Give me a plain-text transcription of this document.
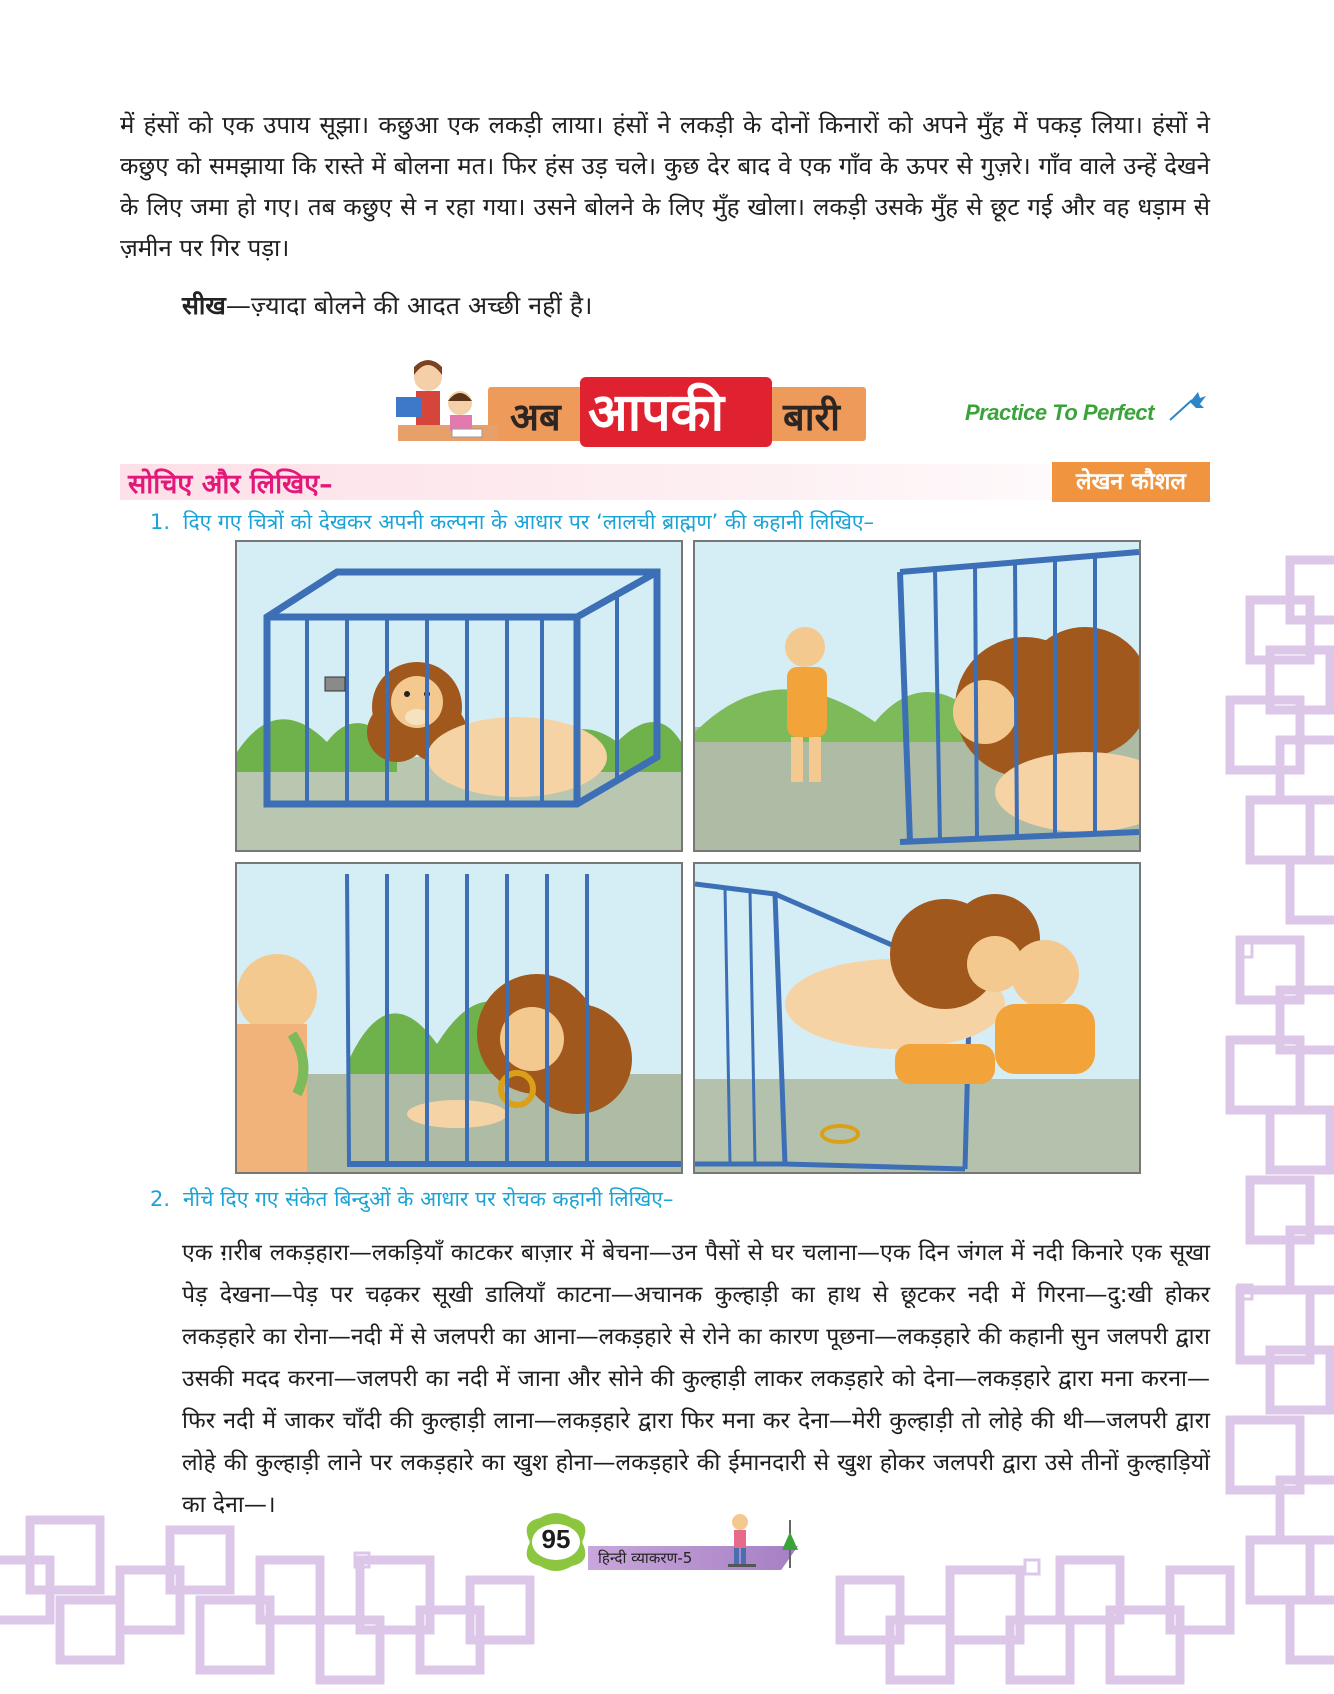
में हंसों को एक उपाय सूझा। कछुआ एक लकड़ी लाया। हंसों ने लकड़ी के दोनों किनारों को अपने मुँह में पकड़ लिया। हंसों ने कछुए को समझाया कि रास्ते में बोलना मत। फिर हंस उड़ चले। कुछ देर बाद वे एक गाँव के ऊपर से गुज़रे। गाँव वाले उन्हें देखने के लिए जमा हो गए। तब कछुए से न रहा गया। उसने बोलने के लिए मुँह खोला। लकड़ी उसके मुँह से छूट गई और वह धड़ाम से ज़मीन पर गिर पड़ा।

सीख—ज़्यादा बोलने की आदत अच्छी नहीं है।
अब आपकी बारी	Practice To Perfect
सोचिए और लिखिए–	लेखन कौशल
1. दिए गए चित्रों को देखकर अपनी कल्पना के आधार पर ‘लालची ब्राह्मण’ की कहानी लिखिए–
2. नीचे दिए गए संकेत बिन्दुओं के आधार पर रोचक कहानी लिखिए–

एक ग़रीब लकड़हारा—लकड़ियाँ काटकर बाज़ार में बेचना—उन पैसों से घर चलाना—एक दिन जंगल में नदी किनारे एक सूखा पेड़ देखना—पेड़ पर चढ़कर सूखी डालियाँ काटना—अचानक कुल्हाड़ी का हाथ से छूटकर नदी में गिरना—दु:खी होकर लकड़हारे का रोना—नदी में से जलपरी का आना—लकड़हारे से रोने का कारण पूछना—लकड़हारे की कहानी सुन जलपरी द्वारा उसकी मदद करना—जलपरी का नदी में जाना और सोने की कुल्हाड़ी लाकर लकड़हारे को देना—लकड़हारे द्वारा मना करना—फिर नदी में जाकर चाँदी की कुल्हाड़ी लाना—लकड़हारे द्वारा फिर मना कर देना—मेरी कुल्हाड़ी तो लोहे की थी—जलपरी द्वारा लोहे की कुल्हाड़ी लाने पर लकड़हारे का खुश होना—लकड़हारे की ईमानदारी से खुश होकर जलपरी द्वारा उसे तीनों कुल्हाड़ियों का देना—।

95
हिन्दी व्याकरण-5
